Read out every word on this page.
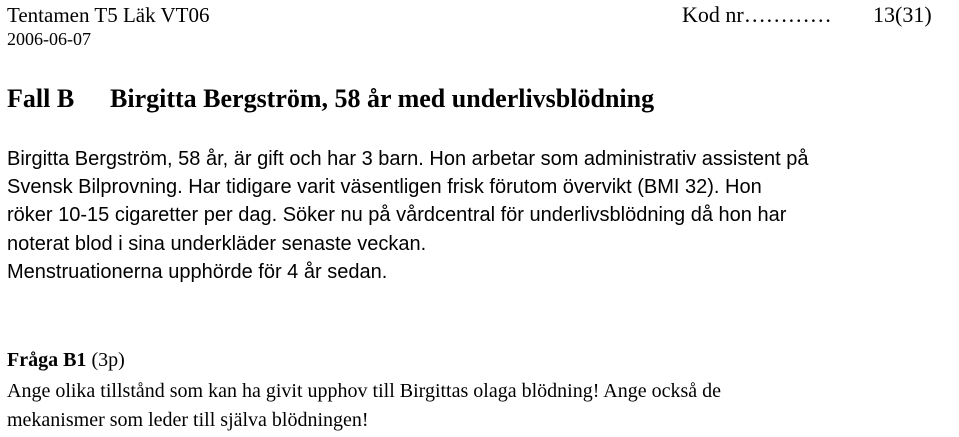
Tentamen T5 Läk VT06
2006-06-07
Kod nr………… 13(31)
Fall B Birgitta Bergström, 58 år med underlivsblödning
Birgitta Bergström, 58 år, är gift och har 3 barn. Hon arbetar som administrativ assistent på
Svensk Bilprovning. Har tidigare varit väsentligen frisk förutom övervikt (BMI 32). Hon
röker 10-15 cigaretter per dag. Söker nu på vårdcentral för underlivsblödning då hon har
noterat blod i sina underkläder senaste veckan.
Menstruationerna upphörde för 4 år sedan.
Fråga B1 (3p)
Ange olika tillstånd som kan ha givit upphov till Birgittas olaga blödning! Ange också de
mekanismer som leder till själva blödningen!
